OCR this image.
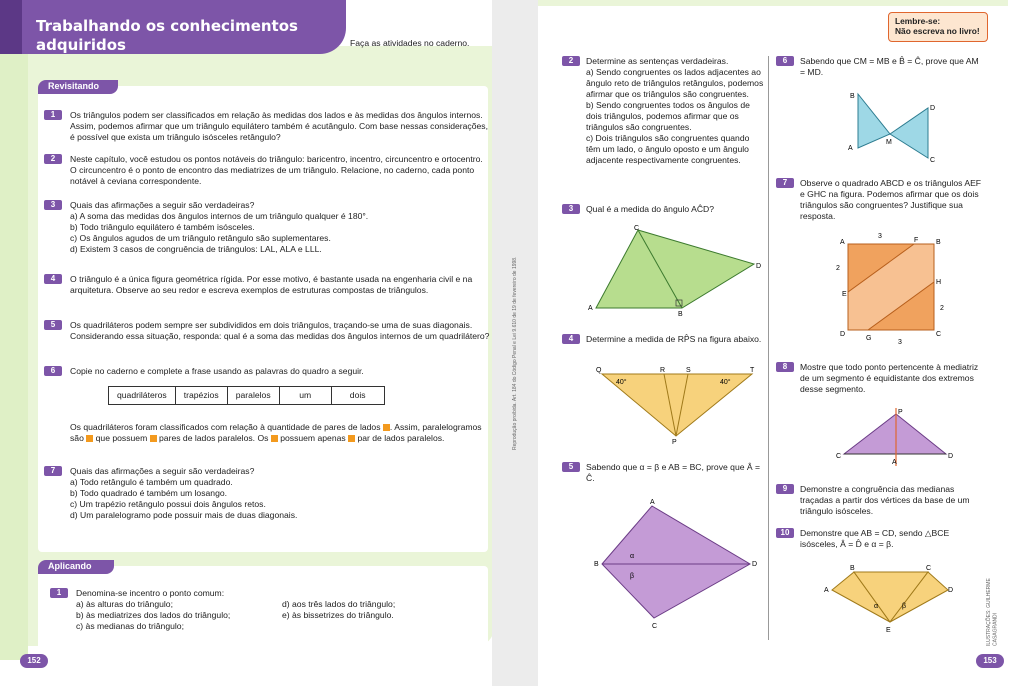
Trabalhando os conhecimentos adquiridos	Faça as atividades no caderno.
Revisitando
1	Os triângulos podem ser classificados em relação às medidas dos lados e às medidas dos ângulos internos. Assim, podemos afirmar que um triângulo equilátero também é acutângulo. Com base nessas considerações, é possível que exista um triângulo isósceles retângulo?
2	Neste capítulo, você estudou os pontos notáveis do triângulo: baricentro, incentro, circuncentro e ortocentro. O circuncentro é o ponto de encontro das mediatrizes de um triângulo. Relacione, no caderno, cada ponto notável à ceviana correspondente.
3	Quais das afirmações a seguir são verdadeiras?
a) A soma das medidas dos ângulos internos de um triângulo qualquer é 180°.
b) Todo triângulo equilátero é também isósceles.
c) Os ângulos agudos de um triângulo retângulo são suplementares.
d) Existem 3 casos de congruência de triângulos: LAL, ALA e LLL.
4	O triângulo é a única figura geométrica rígida. Por esse motivo, é bastante usada na engenharia civil e na arquitetura. Observe ao seu redor e escreva exemplos de estruturas compostas de triângulos.
5	Os quadriláteros podem sempre ser subdivididos em dois triângulos, traçando-se uma de suas diagonais. Considerando essa situação, responda: qual é a soma das medidas dos ângulos internos de um quadrilátero?
6	Copie no caderno e complete a frase usando as palavras do quadro a seguir.
quadriláteros	trapézios	paralelos	um	dois
Os quadriláteros foram classificados com relação à quantidade de pares de lados . Assim, paralelogramos são que possuem pares de lados paralelos. Os possuem apenas par de lados paralelos.
7	Quais das afirmações a seguir são verdadeiras?
a) Todo retângulo é também um quadrado.
b) Todo quadrado é também um losango.
c) Um trapézio retângulo possui dois ângulos retos.
d) Um paralelogramo pode possuir mais de duas diagonais.
Aplicando
1	Denomina-se incentro o ponto comum:
a) às alturas do triângulo;
b) às mediatrizes dos lados do triângulo;
c) às medianas do triângulo;
d) aos três lados do triângulo;
e) às bissetrizes do triângulo.
152
Reprodução proibida. Art. 184 do Código Penal e Lei 9.610 de 19 de fevereiro de 1998.
Lembre-se:
Não escreva no livro!
2	Determine as sentenças verdadeiras.
a) Sendo congruentes os lados adjacentes ao ângulo reto de triângulos retângulos, podemos afirmar que os triângulos são congruentes.
b) Sendo congruentes todos os ângulos de dois triângulos, podemos afirmar que os triângulos são congruentes.
c) Dois triângulos são congruentes quando têm um lado, o ângulo oposto e um ângulo adjacente respectivamente congruentes.
3	Qual é a medida do ângulo AĈD?
C
A
D
B
4	Determine a medida de RP̂S na figura abaixo.
Q	R	S	T
P
40°	40°
5	Sabendo que α = β e AB = BC, prove que Â = Ĉ.
A
B	D
C
α
β
6	Sabendo que CM = MB e B̂ = Ĉ, prove que AM = MD.
B
A
M
D
C
7	Observe o quadrado ABCD e os triângulos AEF e GHC na figura. Podemos afirmar que os dois triângulos são congruentes? Justifique sua resposta.
A	B
D	C
F
E
H
G
3
2
2
3
8	Mostre que todo ponto pertencente à mediatriz de um segmento é equidistante dos extremos desse segmento.
P
C	D
A
9	Demonstre a congruência das medianas traçadas a partir dos vértices da base de um triângulo isósceles.
10	Demonstre que AB = CD, sendo △BCE isósceles, Â = D̂ e α = β.
A
B	C
D
E
α	β	ILUSTRAÇÕES: GUILHERME CASAGRANDI
153
